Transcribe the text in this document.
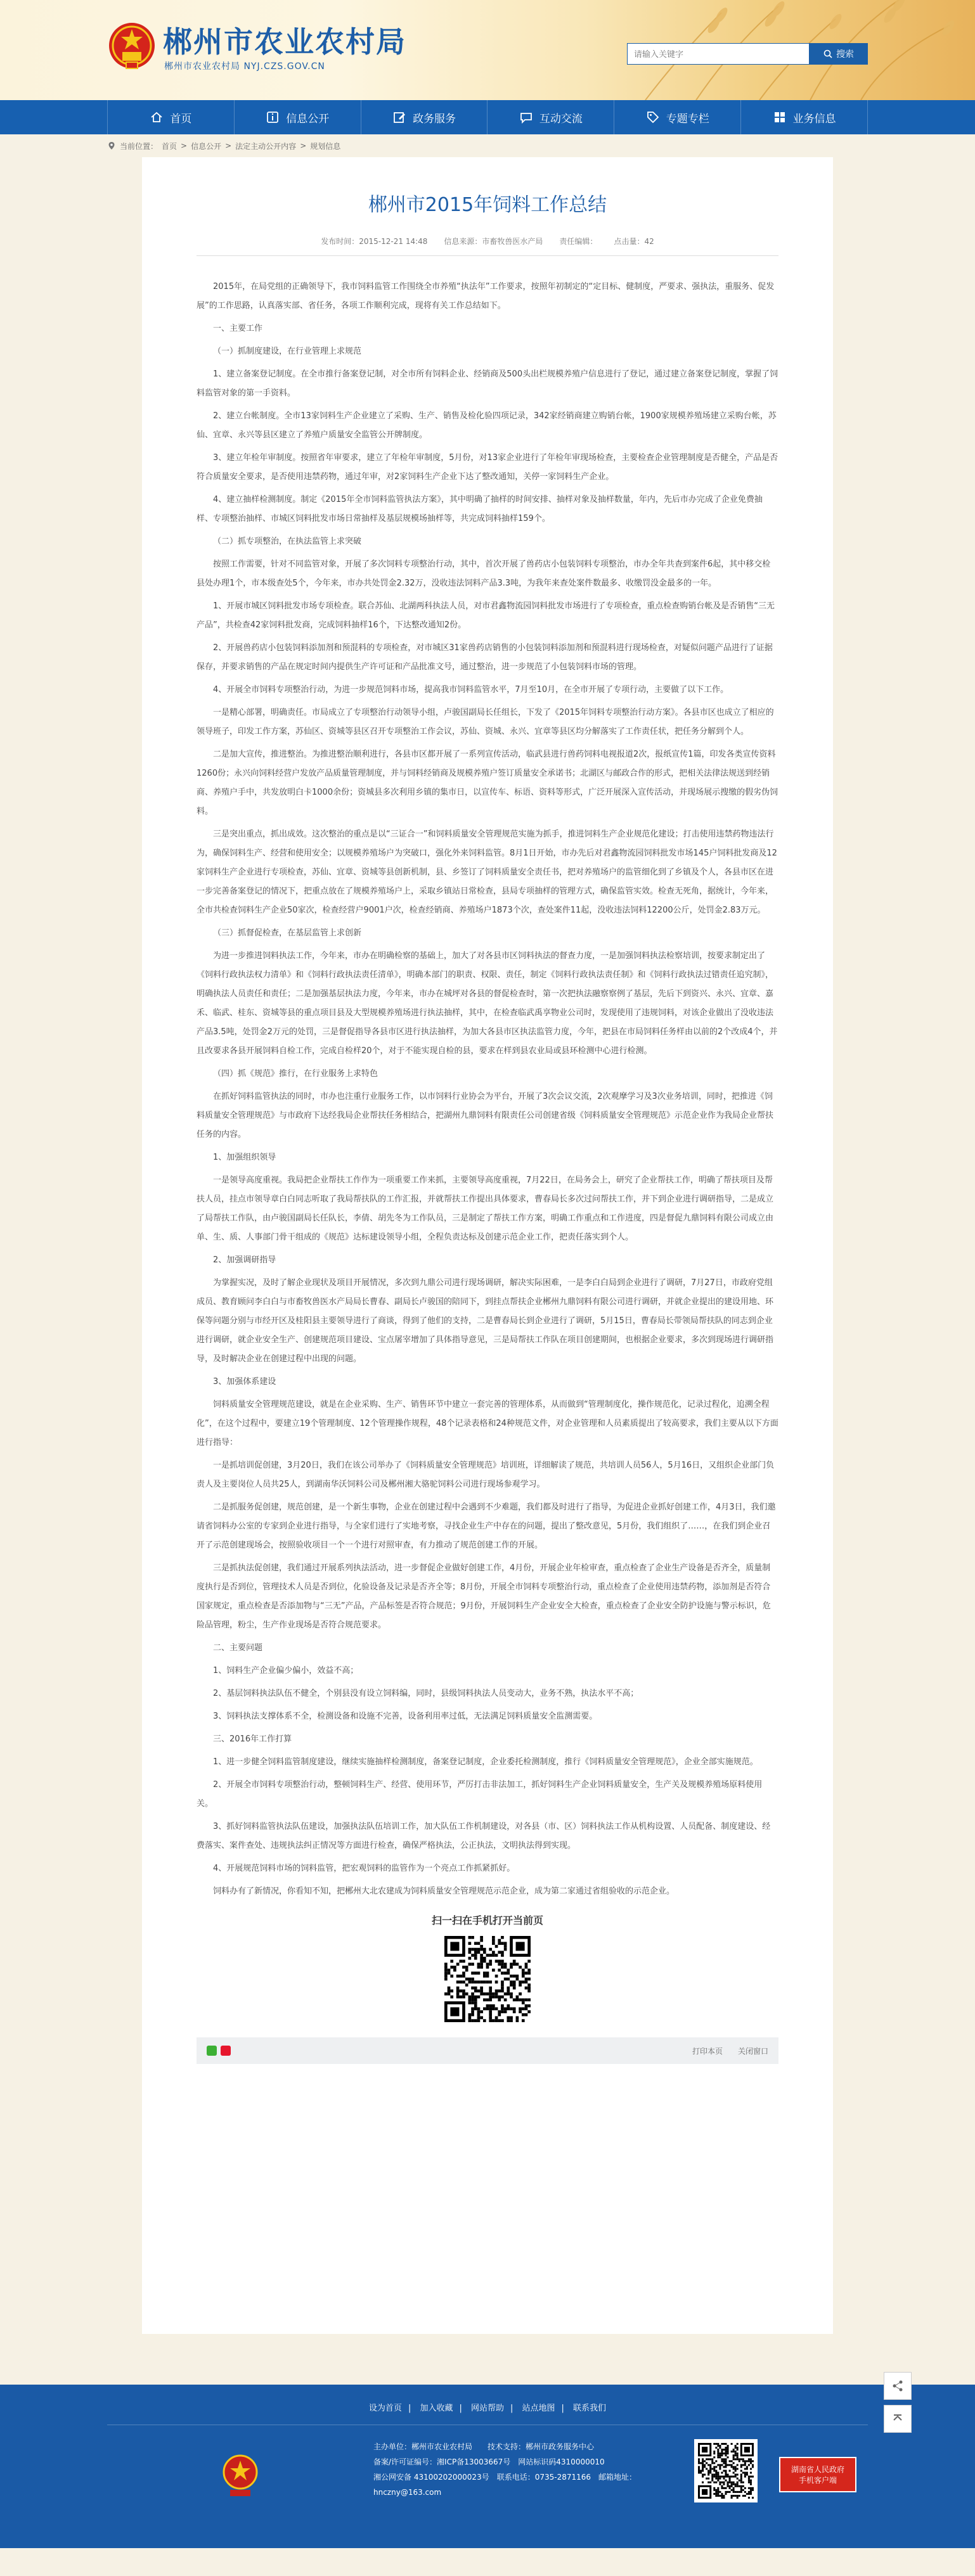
郴州市农业农村局
郴州市农业农村局 NYJ.CZS.GOV.CN
请输入关键字
搜索
首页	信息公开	政务服务	互动交流	专题专栏	业务信息
当前位置： 首页 > 信息公开 > 法定主动公开内容 > 规划信息
郴州市2015年饲料工作总结
发布时间：2015-12-21 14:48 信息来源：市畜牧兽医水产局 责任编辑： 点击量：42

2015年，在局党组的正确领导下，我市饲料监管工作围绕全市养殖“执法年”工作要求，按照年初制定的“定目标、健制度，严要求、强执法，重服务、促发展”的工作思路，认真落实部、省任务，各项工作顺利完成，现将有关工作总结如下。

一、主要工作

（一）抓制度建设，在行业管理上求规范

1、建立备案登记制度。在全市推行备案登记制，对全市所有饲料企业、经销商及500头出栏规模养殖户信息进行了登记，通过建立备案登记制度，掌握了饲料监管对象的第一手资料。

2、建立台帐制度。全市13家饲料生产企业建立了采购、生产、销售及检化验四项记录，342家经销商建立购销台帐，1900家规模养殖场建立采购台帐，苏仙、宜章、永兴等县区建立了养殖户质量安全监管公开牌制度。

3、建立年检年审制度。按照省年审要求，建立了年检年审制度，5月份，对13家企业进行了年检年审现场检查，主要检查企业管理制度是否健全，产品是否符合质量安全要求，是否使用违禁药物，通过年审，对2家饲料生产企业下达了整改通知，关停一家饲料生产企业。

4、建立抽样检测制度。制定《2015年全市饲料监管执法方案》，其中明确了抽样的时间安排、抽样对象及抽样数量，年内，先后市办完成了企业免费抽样、专项整治抽样、市城区饲料批发市场日常抽样及基层规模场抽样等，共完成饲料抽样159个。

（二）抓专项整治，在执法监管上求突破

按照工作需要，针对不同监管对象，开展了多次饲料专项整治行动，其中，首次开展了兽药店小包装饲料专项整治，市办全年共查到案件6起，其中移交检县处办理1个，市本级查处5个，今年来，市办共处罚金2.32万，没收违法饲料产品3.3吨，为我年来查处案件数最多、收缴罚没金最多的一年。

1、开展市城区饲料批发市场专项检查。联合苏仙、北湖两科执法人员，对市君鑫物流园饲料批发市场进行了专项检查，重点检查购销台帐及是否销售“三无产品”，共检查42家饲料批发商，完成饲料抽样16个，下达整改通知2份。

2、开展兽药店小包装饲料添加剂和预混料的专项检查，对市城区31家兽药店销售的小包装饲料添加剂和预混料进行现场检查，对疑似问题产品进行了证据保存，并要求销售的产品在规定时间内提供生产许可证和产品批准文号，通过整治，进一步规范了小包装饲料市场的管理。

4、开展全市饲料专项整治行动，为进一步规范饲料市场，提高我市饲料监管水平，7月至10月，在全市开展了专项行动，主要做了以下工作。

一是精心部署，明确责任。市局成立了专项整治行动领导小组，卢骏国副局长任组长，下发了《2015年饲料专项整治行动方案》。各县市区也成立了相应的领导班子，印发工作方案，苏仙区、资城等县区召开专项整治工作会议，苏仙、资城、永兴、宜章等县区均分解落实了工作责任状，把任务分解到个人。

二是加大宣传，推进整治。为推进整治顺利进行，各县市区都开展了一系列宣传活动，临武县进行兽药饲料电视报道2次，报纸宣传1篇，印发各类宣传资料1260份；永兴向饲料经营户发放产品质量管理制度，并与饲料经销商及规模养殖户签订质量安全承诺书；北湖区与邮政合作的形式，把相关法律法规送到经销商、养殖户手中，共发放明白卡1000余份；资城县多次利用乡镇的集市日，以宣传车、标语、资料等形式，广泛开展深入宣传活动，并现场展示搜缴的假劣伪饲料。

三是突出重点，抓出成效。这次整治的重点是以“三证合一”和饲料质量安全管理规范实施为抓手，推进饲料生产企业规范化建设；打击使用违禁药物违法行为，确保饲料生产、经营和使用安全；以规模养殖场户为突破口，强化外来饲料监管。8月1日开始，市办先后对君鑫物流园饲料批发市场145户饲料批发商及12家饲料生产企业进行专项检查，苏仙、宜章、资城等县创新机制，县、乡签订了饲料质量安全责任书，把对养殖场户的监管细化到了乡镇及个人，各县市区在进一步完善备案登记的情况下，把重点放在了规模养殖场户上，采取乡镇站日常检查，县局专项抽样的管理方式，确保监管实效。检查无死角，据统计，今年来，全市共检查饲料生产企业50家次，检查经营户9001户次，检查经销商、养殖场户1873个次，查处案件11起，没收违法饲料12200公斤，处罚金2.83万元。

（三）抓督促检查，在基层监管上求创新

为进一步推进饲料执法工作，今年来，市办在明确检察的基础上，加大了对各县市区饲料执法的督查力度，一是加强饲料执法检察培训，按要求制定出了《饲料行政执法权力清单》和《饲料行政执法责任清单》，明确本部门的职责、权限、责任，制定《饲料行政执法责任制》和《饲料行政执法过错责任追究制》，明确执法人员责任和责任；二是加强基层执法力度，今年来，市办在城坪对各县的督促检查时，第一次把执法融察察例了基层，先后下到资兴、永兴、宜章、嘉禾、临武、桂东、资城等县的重点项目县及大型规模养殖场进行执法抽样，其中，在检查临武禹享物业公司时，发现使用了违规饲料，对该企业做出了没收违法产品3.5吨，处罚金2万元的处罚，三是督促指导各县市区进行执法抽样，为加大各县市区执法监管力度，今年，把县在市局饲料任务样由以前的2个改成4个，并且改要求各县开展饲料自检工作，完成自检样20个，对于不能实现自检的县，要求在样到县农业局或县环检测中心进行检测。

（四）抓《规范》推行，在行业服务上求特色

在抓好饲料监管执法的同时，市办也注重行业服务工作，以市饲料行业协会为平台，开展了3次会议交流，2次观摩学习及3次业务培训，同时，把推进《饲料质量安全管理规范》与市政府下达经我局企业帮扶任务相结合，把湖州九鼎饲料有限责任公司创建省级《饲料质量安全管理规范》示范企业作为我局企业帮扶任务的内容。

1、加强组织领导

一是领导高度重视。我局把企业帮扶工作作为一项重要工作来抓，主要领导高度重视，7月22日，在局务会上，研究了企业帮扶工作，明确了帮扶项目及帮扶人员，挂点市领导章白白同志听取了我局帮扶队的工作汇报，并就帮扶工作提出具体要求，曹春局长多次过问帮扶工作，并下到企业进行调研指导，二是成立了局帮扶工作队，由卢骏国副局长任队长，李倩、胡先冬为工作队员，三是制定了帮扶工作方案，明确工作重点和工作进度，四是督促九鼎饲料有限公司成立由单、生、质、人事部门骨干组成的《规范》达标建设领导小组，全程负责达标及创建示范企业工作，把责任落实到个人。

2、加强调研指导

为掌握实况，及时了解企业现状及项目开展情况，多次到九鼎公司进行现场调研，解决实际困难，一是李白白局到企业进行了调研，7月27日，市政府党组成员、教育顾问李白白与市畜牧兽医水产局局长曹春、副局长卢骏国的陪同下，到挂点帮扶企业郴州九鼎饲料有限公司进行调研，并就企业提出的建设用地、环保等问题分别与市经开区及桂阳县主要领导进行了商谈，得到了他们的支持，二是曹春局长到企业进行了调研，5月15日，曹春局长带领局帮扶队的同志到企业进行调研，就企业安全生产、创建规范项目建设、宝点屠宰增加了具体指导意见，三是局帮扶工作队在项目创建期间，也根据企业要求，多次到现场进行调研指导，及时解决企业在创建过程中出现的问题。

3、加强体系建设

饲料质量安全管理规范建设，就是在企业采购、生产、销售环节中建立一套完善的管理体系，从而做到“管理制度化，操作规范化，记录过程化，追溯全程化”，在这个过程中，要建立19个管理制度、12个管理操作规程，48个记录表格和24种规范文件，对企业管理和人员素质提出了较高要求，我们主要从以下方面进行指导：

一是抓培训促创建，3月20日，我们在该公司举办了《饲料质量安全管理规范》培训班，详细解读了规范，共培训人员56人，5月16日，又组织企业部门负责人及主要岗位人员共25人，到湖南华沃饲料公司及郴州湘大骆驼饲料公司进行现场参观学习。

二是抓服务促创建，规范创建，是一个新生事物，企业在创建过程中会遇到不少难题，我们都及时进行了指导，为促进企业抓好创建工作，4月3日，我们邀请省饲料办公室的专家到企业进行指导，与全家们进行了实地考察，寻找企业生产中存在的问题，提出了整改意见，5月份，我们组织了……，在我们到企业召开了示范创建现场会，按照验收项目一个一个进行对照审查，有力推动了规范创建工作的开展。

三是抓执法促创建，我们通过开展系列执法活动，进一步督促企业做好创建工作，4月份，开展企业年检审查，重点检查了企业生产设备是否齐全，质量制度执行是否到位，管理技术人员是否到位，化验设备及记录是否齐全等；8月份，开展全市饲料专项整治行动，重点检查了企业使用违禁药物，添加剂是否符合国家规定，重点检查是否添加物与“三无”产品，产品标签是否符合规范；9月份，开展饲料生产企业安全大检查，重点检查了企业安全防护设施与警示标识，危险品管理，粉尘，生产作业现场是否符合规范要求。

二、主要问题

1、饲料生产企业偏少偏小，效益不高；

2、基层饲料执法队伍不健全，个别县没有设立饲料编，同时，县级饲料执法人员变动大，业务不熟，执法水平不高；

3、饲料执法支撑体系不全，检测设备和设施不完善，设备利用率过低，无法满足饲料质量安全监测需要。

三、2016年工作打算

1、进一步健全饲料监管制度建设，继续实施抽样检测制度，备案登记制度，企业委托检测制度，推行《饲料质量安全管理规范》，企业全部实施规范。

2、开展全市饲料专项整治行动，整顿饲料生产、经营、使用环节，严厉打击非法加工，抓好饲料生产企业饲料质量安全，生产关及规模养殖场原料使用关。

3、抓好饲料监管执法队伍建设，加强执法队伍培训工作，加大队伍工作机制建设，对各县（市、区）饲料执法工作从机构设置、人员配备、制度建设、经费落实、案件查处、违规执法纠正情况等方面进行检查，确保严格执法，公正执法，文明执法得到实现。

4、开展规范饲料市场的饲料监管，把宏观饲料的监管作为一个亮点工作抓紧抓好。

饲料办有了新情况，你看知不知，把郴州大北农建成为饲料质量安全管理规范示范企业，成为第二家通过省组验收的示范企业。

扫一扫在手机打开当前页
打印本页 关闭窗口
设为首页 | 加入收藏 | 网站帮助 | 站点地图 | 联系我们
主办单位：郴州市农业农村局　　 技术支持：郴州市政务服务中心
备案/许可证编号：湘ICP备13003667号　网站标识码4310000010
湘公网安备 43100202000023号　联系电话：0735-2871166　邮箱地址：
hnczny@163.com
湖南省人民政府
手机客户端
